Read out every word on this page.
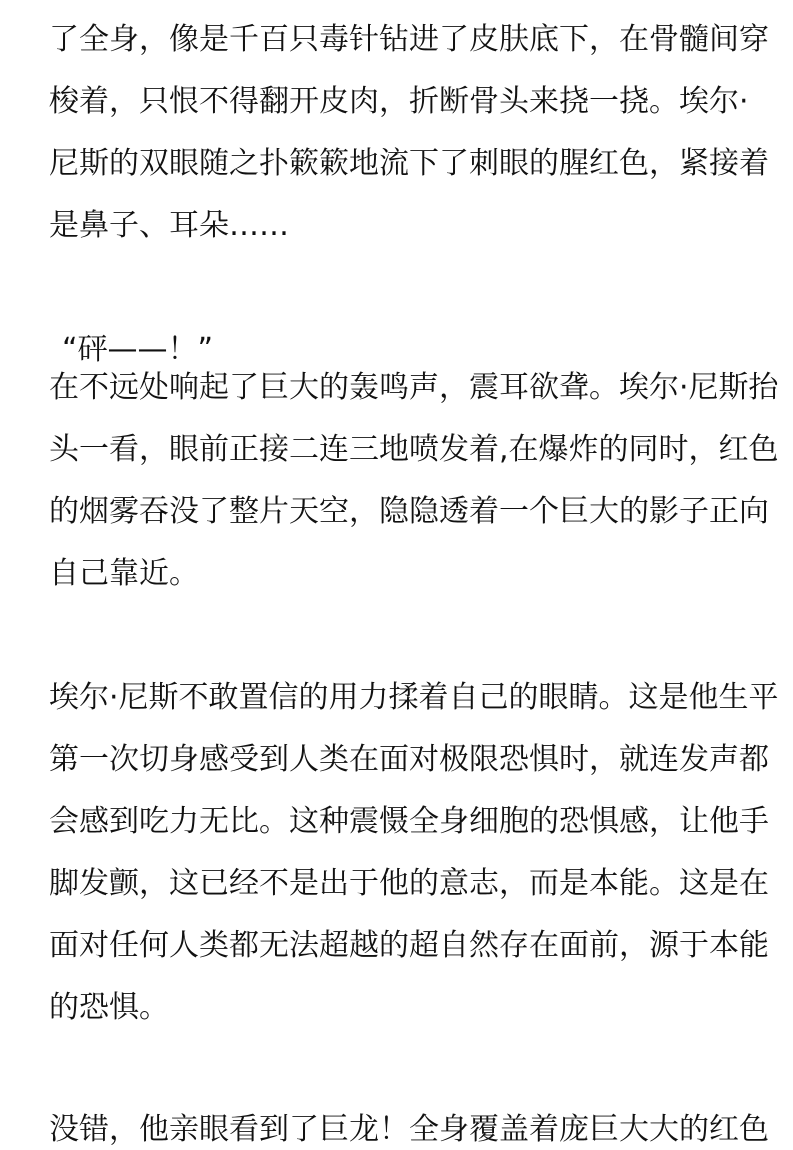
了全身，像是千百只毒针钻进了皮肤底下，在骨髓间穿
梭着，只恨不得翻开皮肉，折断骨头来挠一挠。埃尔·
尼斯的双眼随之扑簌簌地流下了刺眼的腥红色，紧接着
是鼻子、耳朵……
“砰——！”
在不远处响起了巨大的轰鸣声，震耳欲聋。埃尔·尼斯抬
头一看，眼前正接二连三地喷发着,在爆炸的同时，红色
的烟雾吞没了整片天空，隐隐透着一个巨大的影子正向
自己靠近。
埃尔·尼斯不敢置信的用力揉着自己的眼睛。这是他生平
第一次切身感受到人类在面对极限恐惧时，就连发声都
会感到吃力无比。这种震慑全身细胞的恐惧感，让他手
脚发颤，这已经不是出于他的意志，而是本能。这是在
面对任何人类都无法超越的超自然存在面前，源于本能
的恐惧。
没错，他亲眼看到了巨龙！全身覆盖着庞巨大大的红色
